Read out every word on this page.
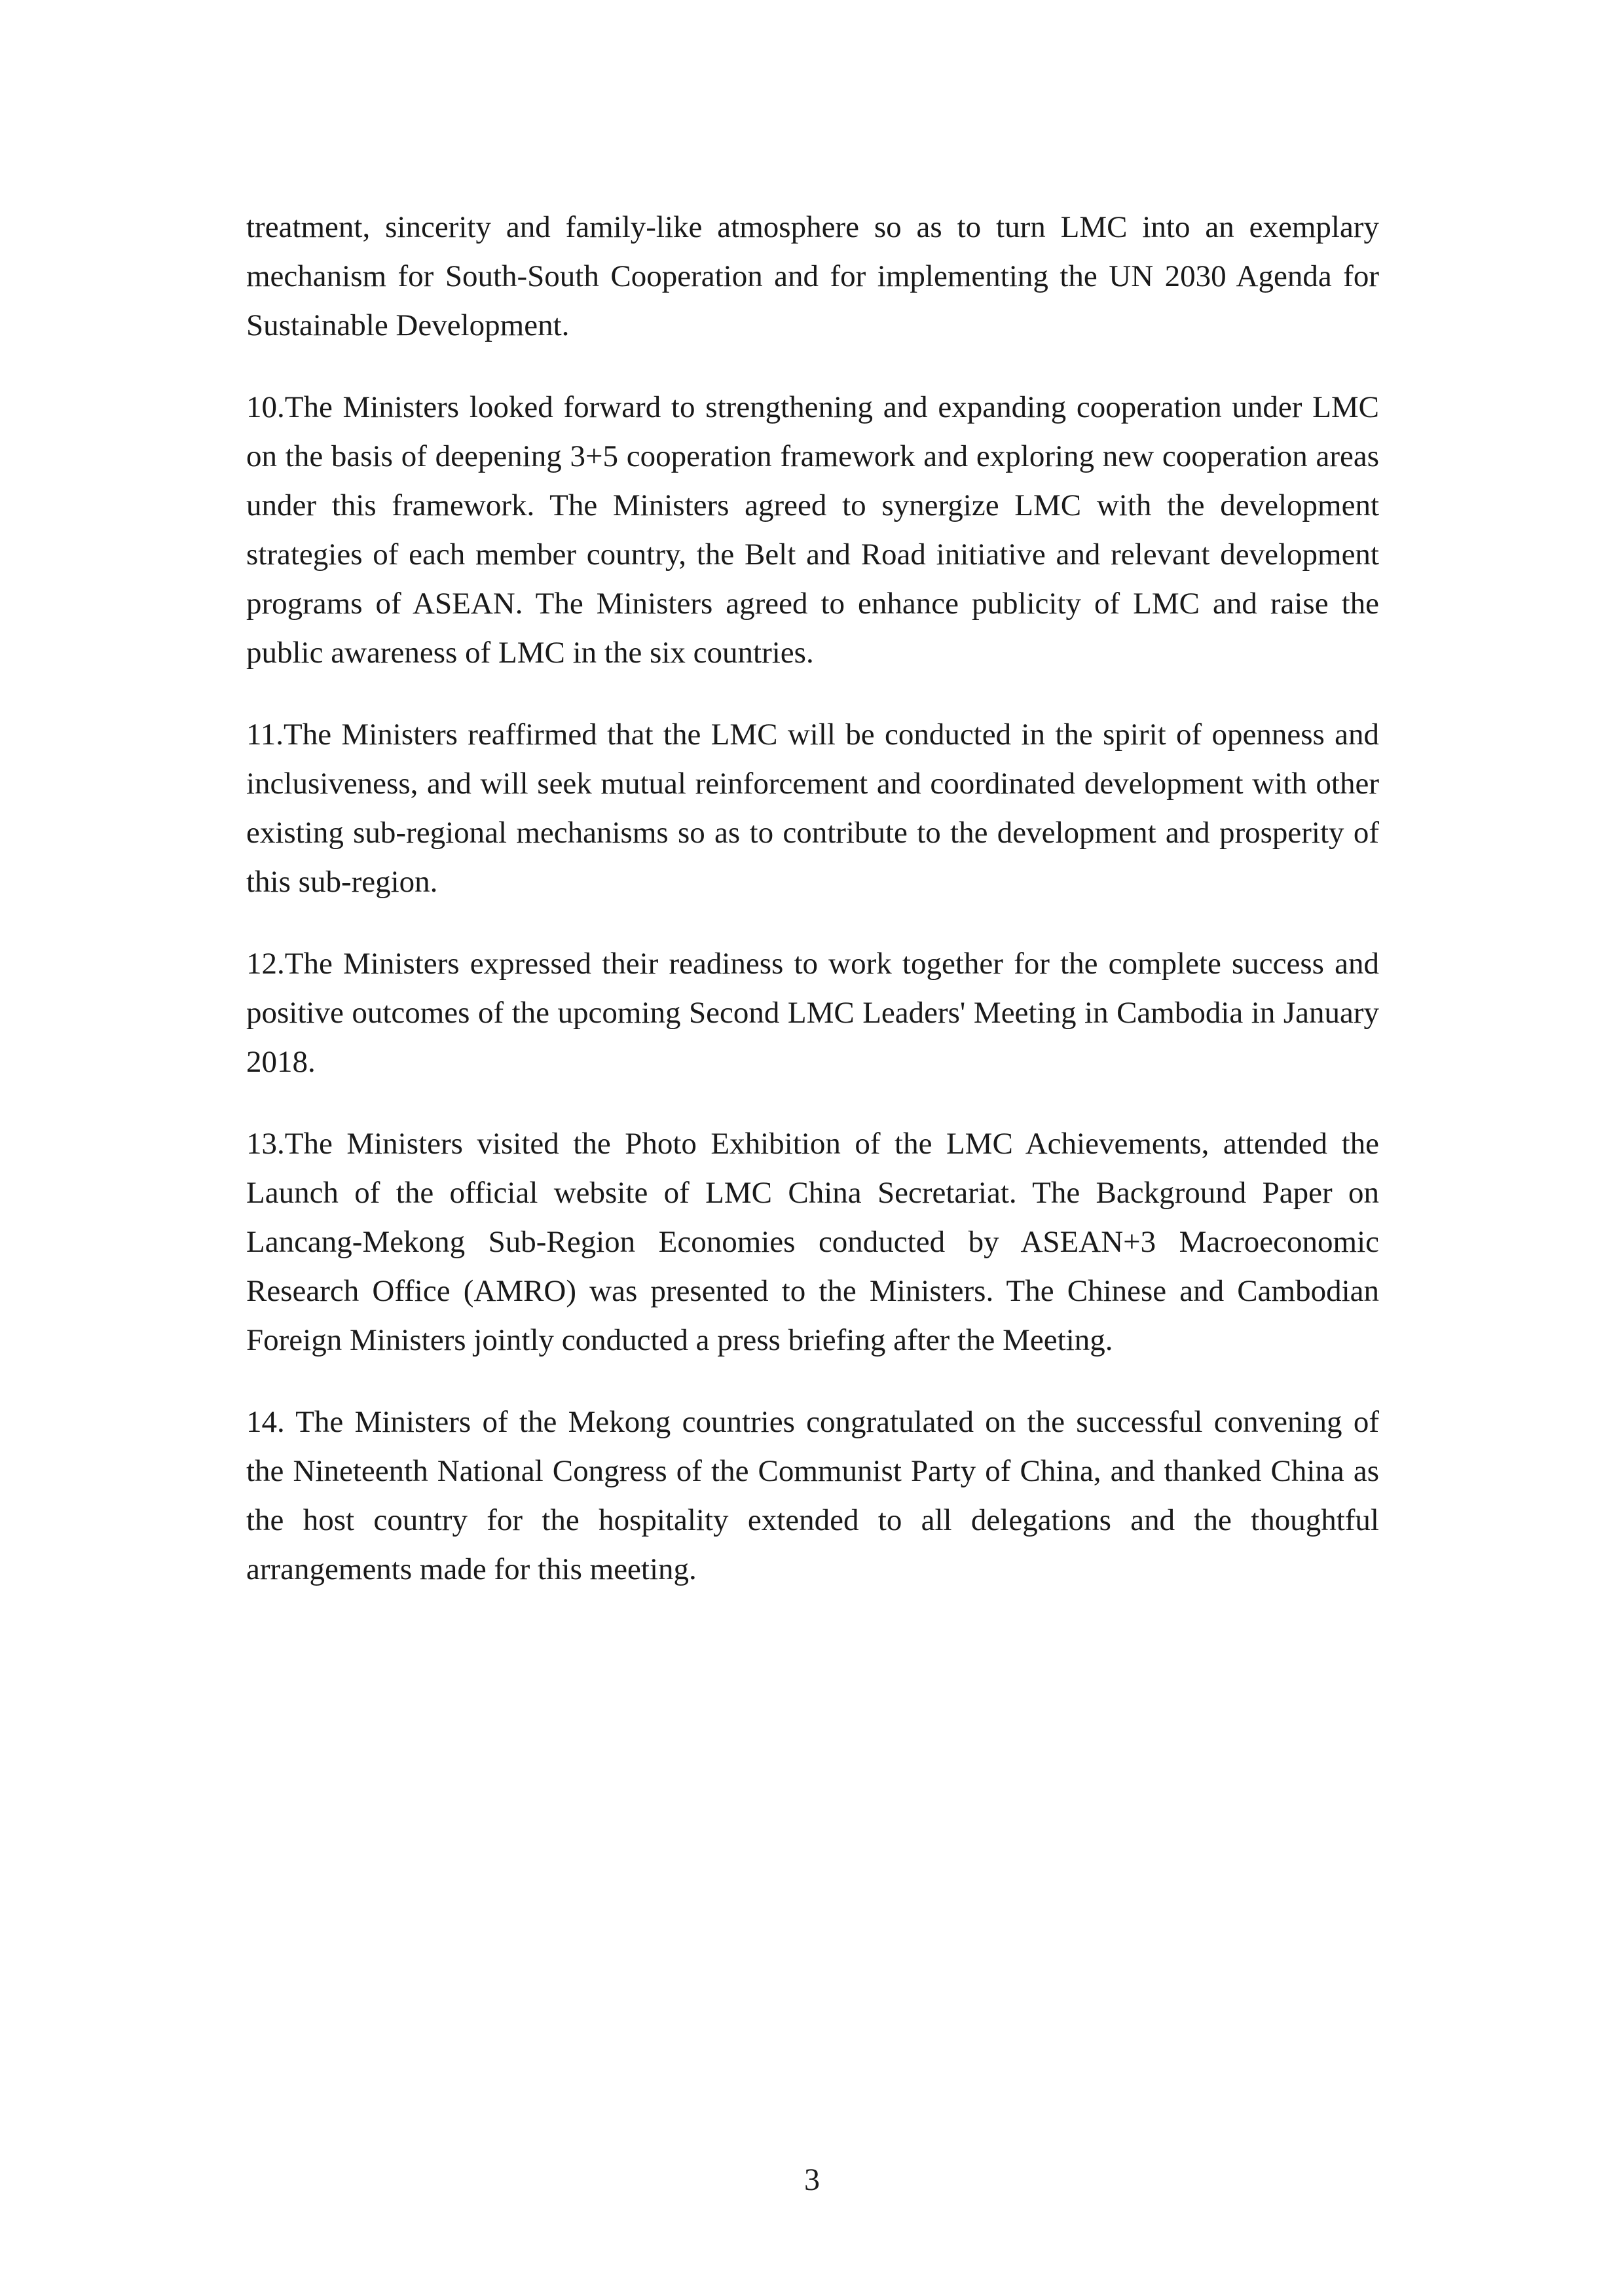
treatment, sincerity and family-like atmosphere so as to turn LMC into an exemplary mechanism for South-South Cooperation and for implementing the UN 2030 Agenda for Sustainable Development.

10.The Ministers looked forward to strengthening and expanding cooperation under LMC on the basis of deepening 3+5 cooperation framework and exploring new cooperation areas under this framework. The Ministers agreed to synergize LMC with the development strategies of each member country, the Belt and Road initiative and relevant development programs of ASEAN. The Ministers agreed to enhance publicity of LMC and raise the public awareness of LMC in the six countries.

11.The Ministers reaffirmed that the LMC will be conducted in the spirit of openness and inclusiveness, and will seek mutual reinforcement and coordinated development with other existing sub-regional mechanisms so as to contribute to the development and prosperity of this sub-region.

12.The Ministers expressed their readiness to work together for the complete success and positive outcomes of the upcoming Second LMC Leaders' Meeting in Cambodia in January 2018.

13.The Ministers visited the Photo Exhibition of the LMC Achievements, attended the Launch of the official website of LMC China Secretariat. The Background Paper on Lancang-Mekong Sub-Region Economies conducted by ASEAN+3 Macroeconomic Research Office (AMRO) was presented to the Ministers. The Chinese and Cambodian Foreign Ministers jointly conducted a press briefing after the Meeting.

14. The Ministers of the Mekong countries congratulated on the successful convening of the Nineteenth National Congress of the Communist Party of China, and thanked China as the host country for the hospitality extended to all delegations and the thoughtful arrangements made for this meeting.

3
